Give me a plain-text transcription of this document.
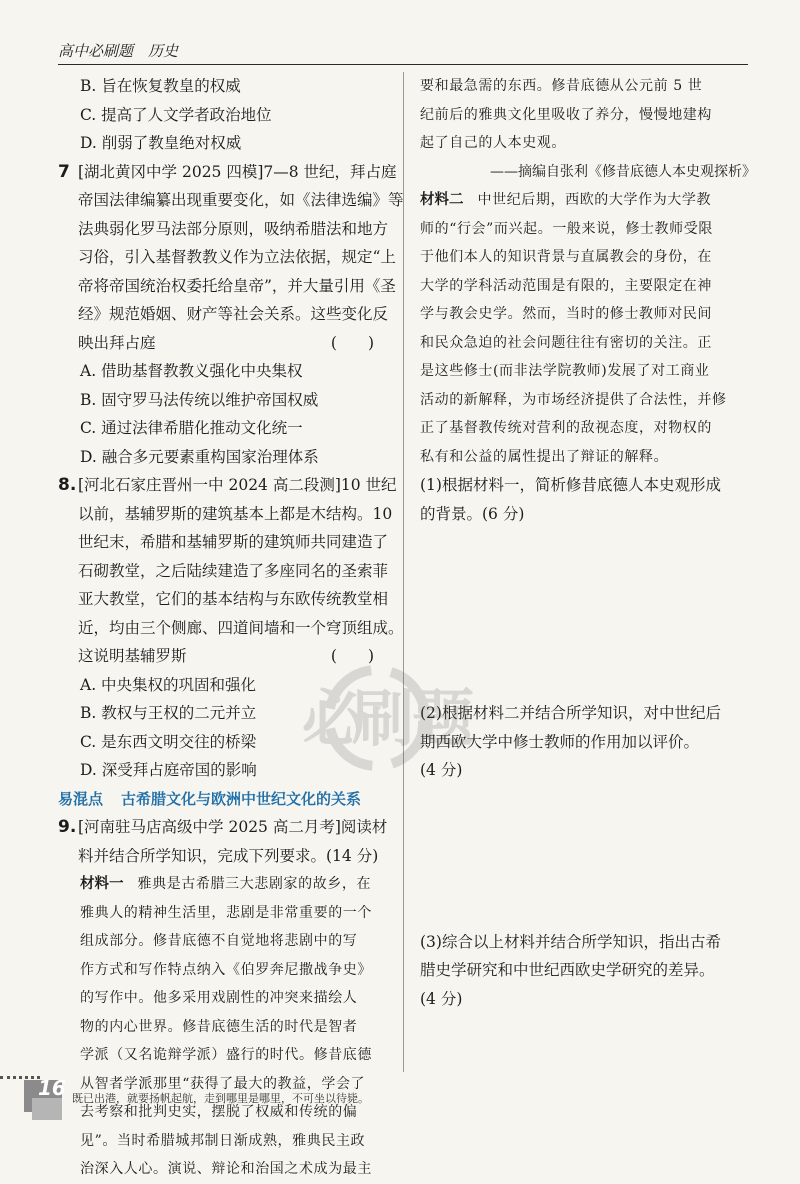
高中必刷题　历史
B. 旨在恢复教皇的权威
C. 提高了人文学者政治地位
D. 削弱了教皇绝对权威
7 [湖北黄冈中学 2025 四模]7—8 世纪，拜占庭
帝国法律编纂出现重要变化，如《法律选编》等
法典弱化罗马法部分原则，吸纳希腊法和地方
习俗，引入基督教教义作为立法依据，规定“上
帝将帝国统治权委托给皇帝”，并大量引用《圣
经》规范婚姻、财产等社会关系。这些变化反
映出拜占庭	(　　)
A. 借助基督教教义强化中央集权
B. 固守罗马法传统以维护帝国权威
C. 通过法律希腊化推动文化统一
D. 融合多元要素重构国家治理体系
8. [河北石家庄晋州一中 2024 高二段测]10 世纪
以前，基辅罗斯的建筑基本上都是木结构。10
世纪末，希腊和基辅罗斯的建筑师共同建造了
石砌教堂，之后陆续建造了多座同名的圣索菲
亚大教堂，它们的基本结构与东欧传统教堂相
近，均由三个侧廊、四道间墙和一个穹顶组成。
这说明基辅罗斯	(　　)
A. 中央集权的巩固和强化
B. 教权与王权的二元并立
C. 是东西文明交往的桥梁
D. 深受拜占庭帝国的影响
易混点 古希腊文化与欧洲中世纪文化的关系
9. [河南驻马店高级中学 2025 高二月考]阅读材
料并结合所学知识，完成下列要求。(14 分)
材料一 雅典是古希腊三大悲剧家的故乡，在
雅典人的精神生活里，悲剧是非常重要的一个
组成部分。修昔底德不自觉地将悲剧中的写
作方式和写作特点纳入《伯罗奔尼撒战争史》
的写作中。他多采用戏剧性的冲突来描绘人
物的内心世界。修昔底德生活的时代是智者
学派（又名诡辩学派）盛行的时代。修昔底德
从智者学派那里“获得了最大的教益，学会了
去考察和批判史实，摆脱了权威和传统的偏
见”。当时希腊城邦制日渐成熟，雅典民主政
治深入人心。演说、辩论和治国之术成为最主
要和最急需的东西。修昔底德从公元前 5 世
纪前后的雅典文化里吸收了养分，慢慢地建构
起了自己的人本史观。
——摘编自张利《修昔底德人本史观探析》
材料二 中世纪后期，西欧的大学作为大学教
师的“行会”而兴起。一般来说，修士教师受限
于他们本人的知识背景与直属教会的身份，在
大学的学科活动范围是有限的，主要限定在神
学与教会史学。然而，当时的修士教师对民间
和民众急迫的社会问题往往有密切的关注。正
是这些修士(而非法学院教师)发展了对工商业
活动的新解释，为市场经济提供了合法性，并修
正了基督教传统对营利的敌视态度，对物权的
私有和公益的属性提出了辩证的解释。
(1)根据材料一，简析修昔底德人本史观形成
的背景。(6 分)
(2)根据材料二并结合所学知识，对中世纪后
期西欧大学中修士教师的作用加以评价。
(4 分)
(3)综合以上材料并结合所学知识，指出古希
腊史学研究和中世纪西欧史学研究的差异。
(4 分)
必
刷
题
16 既已出港，就要扬帆起航，走到哪里是哪里，不可坐以待毙。
